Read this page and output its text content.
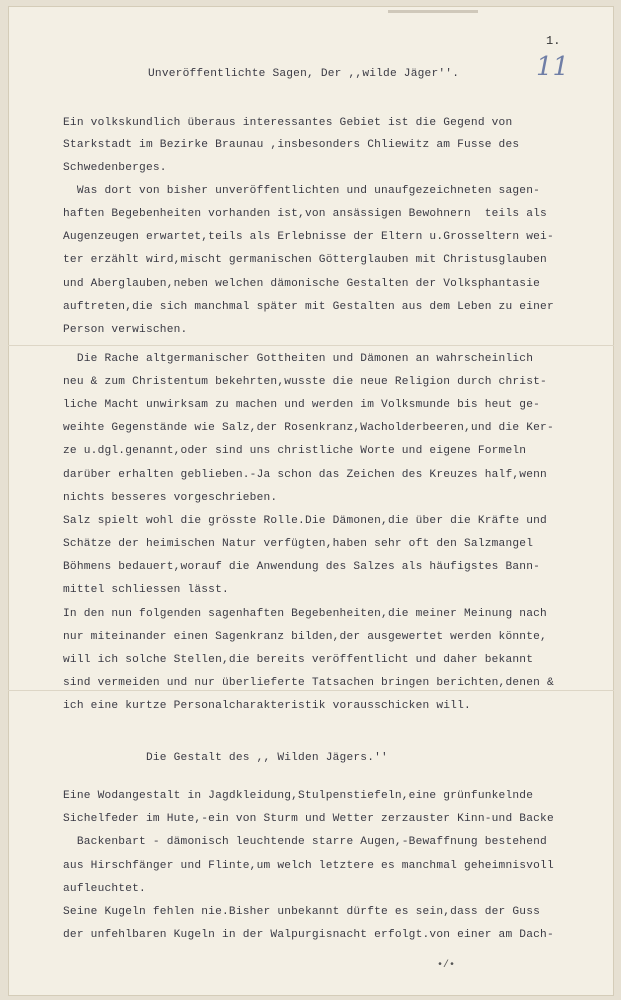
1.
11
Unveröffentlichte Sagen, Der ,,wilde Jäger''.
Ein volkskundlich überaus interessantes Gebiet ist die Gegend von
Starkstadt im Bezirke Braunau ,insbesonders Chliewitz am Fusse des
Schwedenberges.
Was dort von bisher unveröffentlichten und unaufgezeichneten sagen-
haften Begebenheiten vorhanden ist,von ansässigen Bewohnern  teils als
Augenzeugen erwartet,teils als Erlebnisse der Eltern u.Grosseltern wei-
ter erzählt wird,mischt germanischen Götterglauben mit Christusglauben
und Aberglauben,neben welchen dämonische Gestalten der Volksphantasie
auftreten,die sich manchmal später mit Gestalten aus dem Leben zu einer
Person verwischen.
Die Rache altgermanischer Gottheiten und Dämonen an wahrscheinlich
neu & zum Christentum bekehrten,wusste die neue Religion durch christ-
liche Macht unwirksam zu machen und werden im Volksmunde bis heut ge-
weihte Gegenstände wie Salz,der Rosenkranz,Wacholderbeeren,und die Ker-
ze u.dgl.genannt,oder sind uns christliche Worte und eigene Formeln
darüber erhalten geblieben.-Ja schon das Zeichen des Kreuzes half,wenn
nichts besseres vorgeschrieben.
Salz spielt wohl die grösste Rolle.Die Dämonen,die über die Kräfte und
Schätze der heimischen Natur verfügten,haben sehr oft den Salzmangel
Böhmens bedauert,worauf die Anwendung des Salzes als häufigstes Bann-
mittel schliessen lässt.
In den nun folgenden sagenhaften Begebenheiten,die meiner Meinung nach
nur miteinander einen Sagenkranz bilden,der ausgewertet werden könnte,
will ich solche Stellen,die bereits veröffentlicht und daher bekannt
sind vermeiden und nur überlieferte Tatsachen bringen berichten,denen &
ich eine kurtze Personalcharakteristik vorausschicken will.
Die Gestalt des ,, Wilden Jägers.''
Eine Wodangestalt in Jagdkleidung,Stulpenstiefeln,eine grünfunkelnde
Sichelfeder im Hute,-ein von Sturm und Wetter zerzauster Kinn-und Backe
Backenbart - dämonisch leuchtende starre Augen,-Bewaffnung bestehend
aus Hirschfänger und Flinte,um welch letztere es manchmal geheimnisvoll
aufleuchtet.
Seine Kugeln fehlen nie.Bisher unbekannt dürfte es sein,dass der Guss
der unfehlbaren Kugeln in der Walpurgisnacht erfolgt.von einer am Dach-
•/•
